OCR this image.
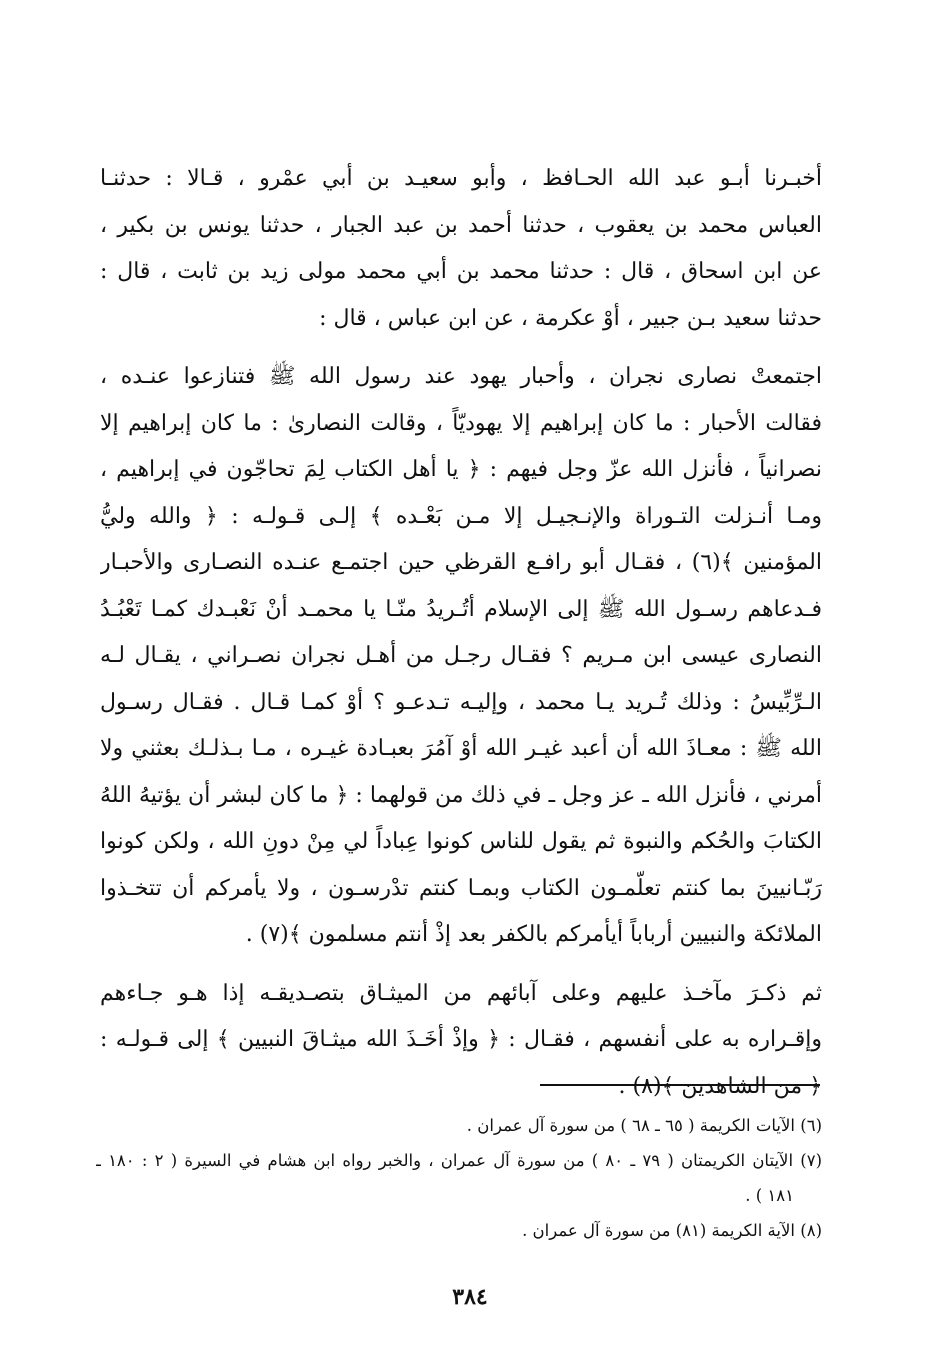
أخبـرنا أبـو عبد الله الحـافظ ، وأبو سعيـد بن أبي عمْرو ، قـالا : حدثنـا
العباس محمد بن يعقوب ، حدثنا أحمد بن عبد الجبار ، حدثنا يونس بن بكير ،
عن ابن اسحاق ، قال : حدثنا محمد بن أبي محمد مولى زيد بن ثابت ، قال :
حدثنا سعيد بـن جبير ، أوْ عكرمة ، عن ابن عباس ، قال :
اجتمعتْ نصارى نجران ، وأحبار يهود عند رسول الله ﷺ فتنازعوا عنـده ،
فقالت الأحبار : ما كان إبراهيم إلا يهوديّاً ، وقالت النصارىٰ : ما كان إبراهيم إلا
نصرانياً ، فأنزل الله عزّ وجل فيهم : ﴿ يا أهل الكتاب لِمَ تحاجّون في إبراهيم ،
ومـا أنـزلت التـوراة والإنـجيـل إلا مـن بَعْـده ﴾ إلـى قـولـه : ﴿ والله وليُّ
المؤمنين ﴾(٦) ، فقـال أبو رافـع القرظي حين اجتمـع عنـده النصـارى والأحبـار
فـدعاهم رسـول الله ﷺ إلى الإسلام أتُـريدُ منّـا يا محمـد أنْ نَعْبـدك كمـا تَعْبُـدُ
النصارى عيسى ابن مـريم ؟ فقـال رجـل من أهـل نجران نصـراني ، يقـال لـه
الـرِّبِّيسُ : وذلك تُـريد يـا محمد ، وإليـه تـدعـو ؟ أوْ كمـا قـال . فقـال رسـول
الله ﷺ : معـاذَ الله أن أعبد غيـر الله أوْ آمُرَ بعبـادة غيـره ، مـا بـذلـك بعثني ولا
أمرني ، فأنزل الله ـ عز وجل ـ في ذلك من قولهما : ﴿ ما كان لبشر أن يؤتيهُ اللهُ
الكتابَ والحُكم والنبوة ثم يقول للناس كونوا عِباداً لي مِنْ دونِ الله ، ولكن كونوا
رَبّـانيينَ بما كنتم تعلّمـون الكتاب وبمـا كنتم تدْرسـون ، ولا يأمركم أن تتخـذوا
الملائكة والنبيين أرباباً أيأمركم بالكفر بعد إذْ أنتم مسلمون ﴾(٧) .
ثم ذكـرَ مآخـذ عليهم وعلى آبائهم من الميثـاق بتصـديقـه إذا هـو جـاءهم
وإقـراره به على أنفسهم ، فقـال : ﴿ وإذْ أخَـذَ الله ميثـاقَ النبيين ﴾ إلى قـولـه :
﴿ من الشاهدين ﴾(٨) .
(٦) الآيات الكريمة ( ٦٥ ـ ٦٨ ) من سورة آل عمران .
(٧) الآيتان الكريمتان ( ٧٩ ـ ٨٠ ) من سورة آل عمران ، والخبر رواه ابن هشام في السيرة ( ٢ : ١٨٠ ـ
١٨١ ) .
(٨) الآية الكريمة (٨١) من سورة آل عمران .
٣٨٤
